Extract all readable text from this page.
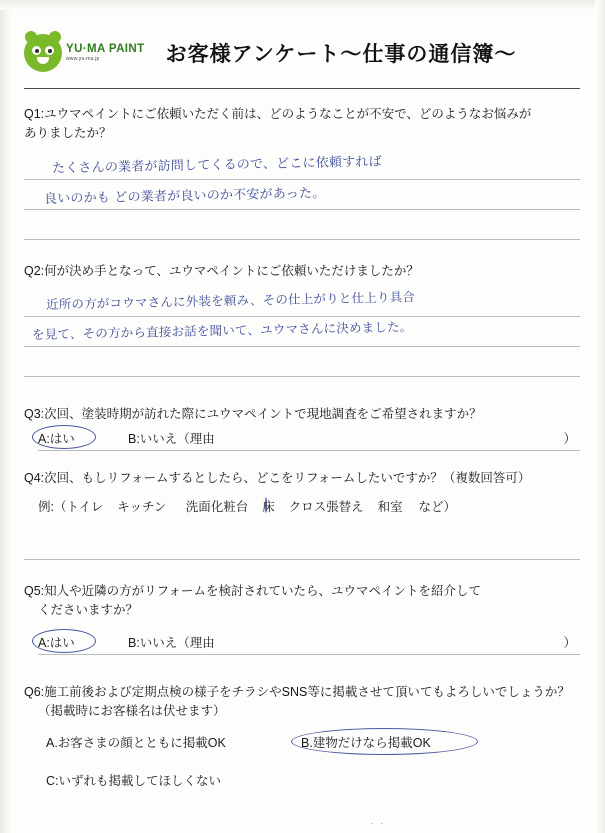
YU·MA PAINT
www.yu-ma.jp	お客様アンケート～仕事の通信簿～
Q1:ユウマペイントにご依頼いただく前は、どのようなことが不安で、どのようなお悩みが
ありましたか？
たくさんの業者が訪問してくるので、どこに依頼すれば
良いのかも どの業者が良いのか不安があった。
Q2:何が決め手となって、ユウマペイントにご依頼いただけましたか？
近所の方がコウマさんに外装を頼み、その仕上がりと仕上り具合
を見て、その方から直接お話を聞いて、ユウマさんに決めました。
Q3:次回、塗装時期が訪れた際にユウマペイントで現地調査をご希望されますか？
A:はい	B:いいえ（理由	）
Q4:次回、もしリフォームするとしたら、どこをリフォームしたいですか？（複数回答可）
例:（トイレ キッチン 洗面化粧台 床 クロス張替え 和室 など）
Q5:知人や近隣の方がリフォームを検討されていたら、ユウマペイントを紹介して
くださいますか？
A:はい	B:いいえ（理由	）
Q6:施工前後および定期点検の様子をチラシやSNS等に掲載させて頂いてもよろしいでしょうか？
（掲載時にお客様名は伏せます）
A.お客さまの顔とともに掲載OK	B.建物だけなら掲載OK
C:いずれも掲載してほしくない
· ·
